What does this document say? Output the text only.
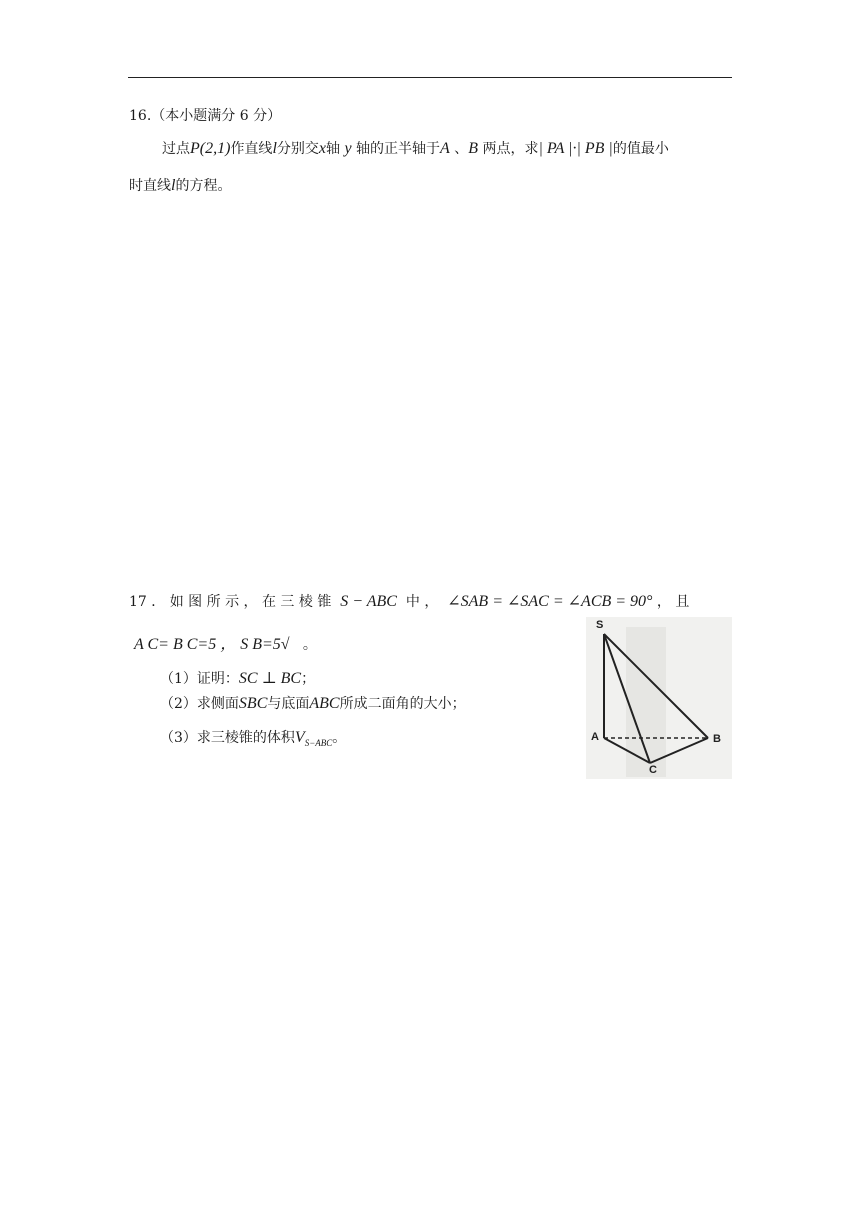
16.（本小题满分 6 分）
过点P(2,1)作直线l分别交x轴 y 轴的正半轴于A 、B 两点，求| PA |·| PB |的值最小
时直线l的方程。
17 ． 如 图 所 示 ， 在 三 棱 锥 S − ABC 中 ， ∠SAB = ∠SAC = ∠ACB = 90° ， 且
A C= B C=5 ， S B=5√ 。
（1）证明：SC ⊥ BC；
（2）求侧面SBC与底面ABC所成二面角的大小；
（3）求三棱锥的体积$V_{S-ABC}$。
S
A	B
C
